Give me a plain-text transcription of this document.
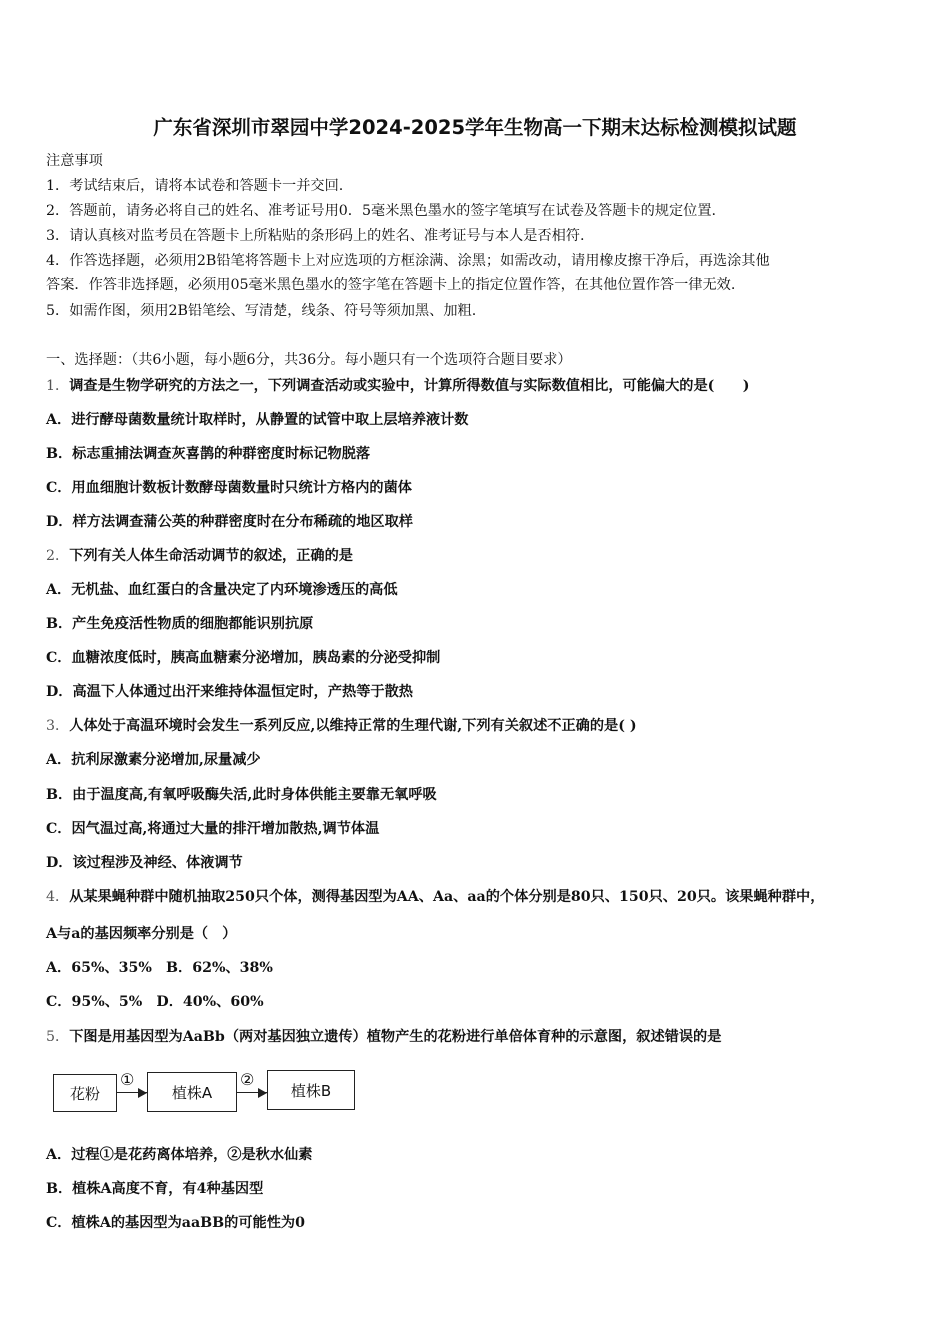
广东省深圳市翠园中学2024-2025学年生物高一下期末达标检测模拟试题
注意事项
1．考试结束后，请将本试卷和答题卡一并交回.
2．答题前，请务必将自己的姓名、准考证号用0．5毫米黑色墨水的签字笔填写在试卷及答题卡的规定位置.
3．请认真核对监考员在答题卡上所粘贴的条形码上的姓名、准考证号与本人是否相符.
4．作答选择题，必须用2B铅笔将答题卡上对应选项的方框涂满、涂黑；如需改动，请用橡皮擦干净后，再选涂其他
答案．作答非选择题，必须用05毫米黑色墨水的签字笔在答题卡上的指定位置作答，在其他位置作答一律无效.
5．如需作图，须用2B铅笔绘、写清楚，线条、符号等须加黑、加粗.
一、选择题：（共6小题，每小题6分，共36分。每小题只有一个选项符合题目要求）
1．调查是生物学研究的方法之一，下列调查活动或实验中，计算所得数值与实际数值相比，可能偏大的是(　　)
A．进行酵母菌数量统计取样时，从静置的试管中取上层培养液计数
B．标志重捕法调查灰喜鹊的种群密度时标记物脱落
C．用血细胞计数板计数酵母菌数量时只统计方格内的菌体
D．样方法调查蒲公英的种群密度时在分布稀疏的地区取样
2．下列有关人体生命活动调节的叙述，正确的是
A．无机盐、血红蛋白的含量决定了内环境渗透压的高低
B．产生免疫活性物质的细胞都能识别抗原
C．血糖浓度低时，胰高血糖素分泌增加，胰岛素的分泌受抑制
D．高温下人体通过出汗来维持体温恒定时，产热等于散热
3．人体处于高温环境时会发生一系列反应,以维持正常的生理代谢,下列有关叙述不正确的是( )
A．抗利尿激素分泌增加,尿量减少
B．由于温度高,有氧呼吸酶失活,此时身体供能主要靠无氧呼吸
C．因气温过高,将通过大量的排汗增加散热,调节体温
D．该过程涉及神经、体液调节
4．从某果蝇种群中随机抽取250只个体，测得基因型为AA、Aa、aa的个体分别是80只、150只、20只。该果蝇种群中，
A与a的基因频率分别是（　）
A．65%、35%　B．62%、38%
C．95%、5%　D．40%、60%
5．下图是用基因型为AaBb（两对基因独立遗传）植物产生的花粉进行单倍体育种的示意图，叙述错误的是
花粉
①
植株A
②
植株B
A．过程①是花药离体培养，②是秋水仙素
B．植株A高度不育，有4种基因型
C．植株A的基因型为aaBB的可能性为0
